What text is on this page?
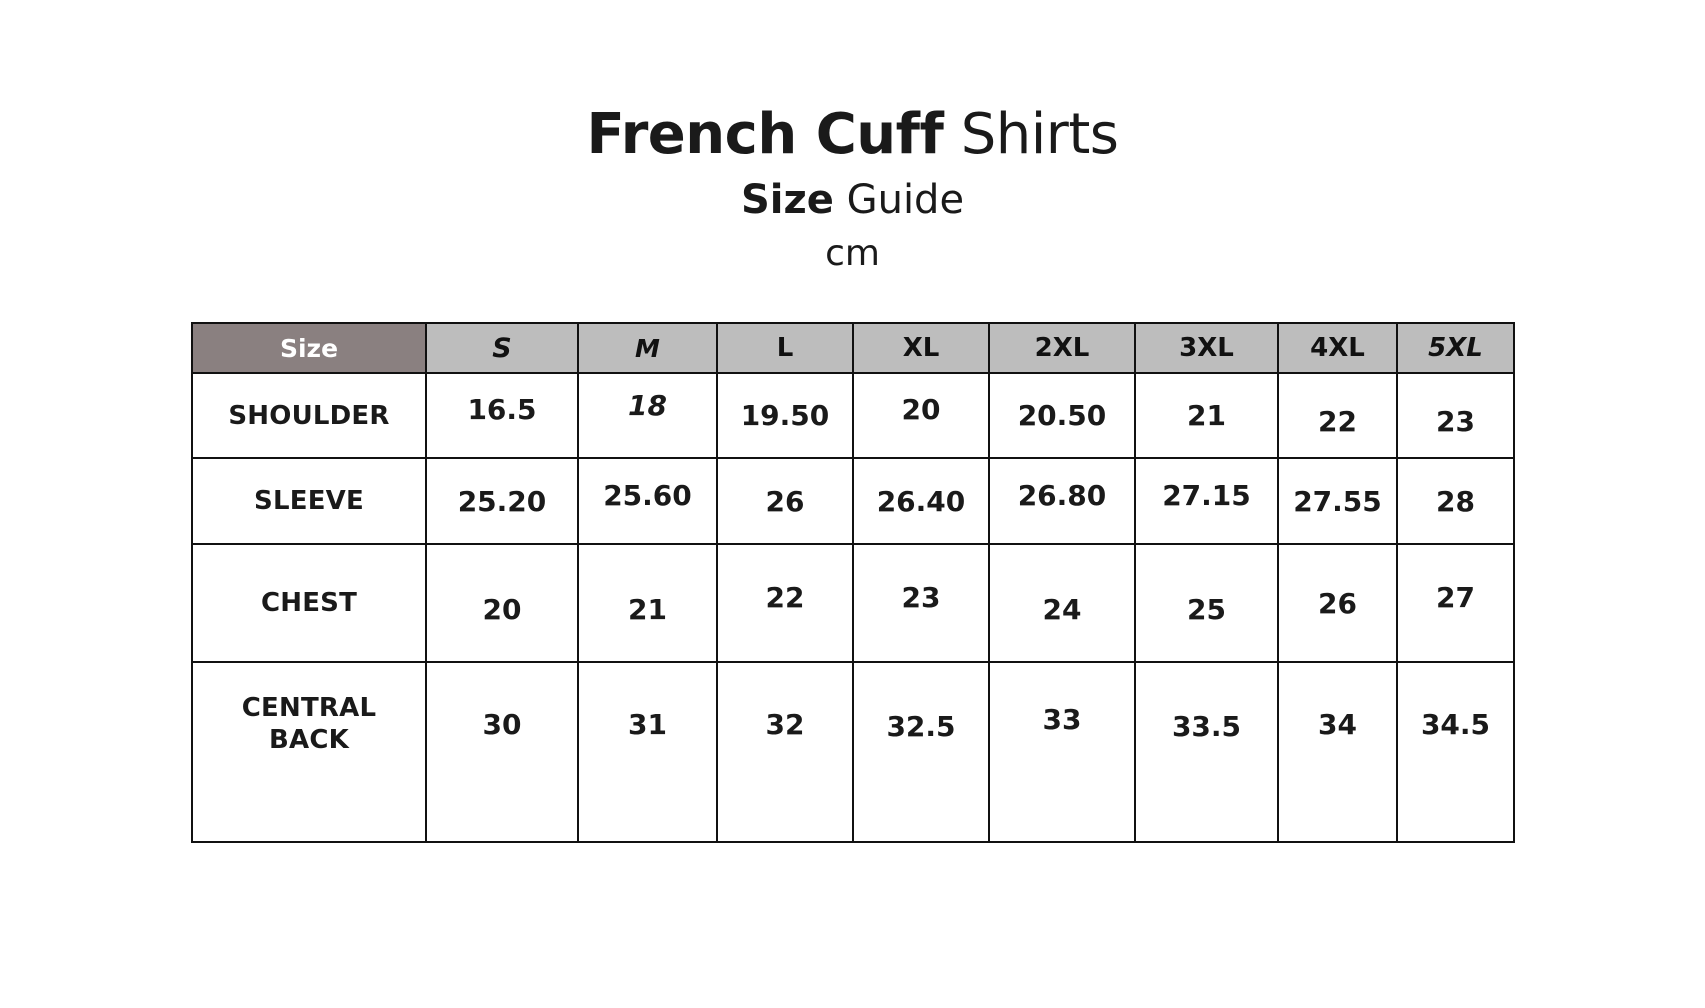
French Cuff Shirts
Size Guide
cm
Size	S	M	L	XL	2XL	3XL	4XL	5XL
SHOULDER	16.5	18	19.50	20	20.50	21	22	23
SLEEVE	25.20	25.60	26	26.40	26.80	27.15	27.55	28
CHEST	20	21	22	23	24	25	26	27

CENTRAL
BACK	30	31	32	32.5	33	33.5	34	34.5
